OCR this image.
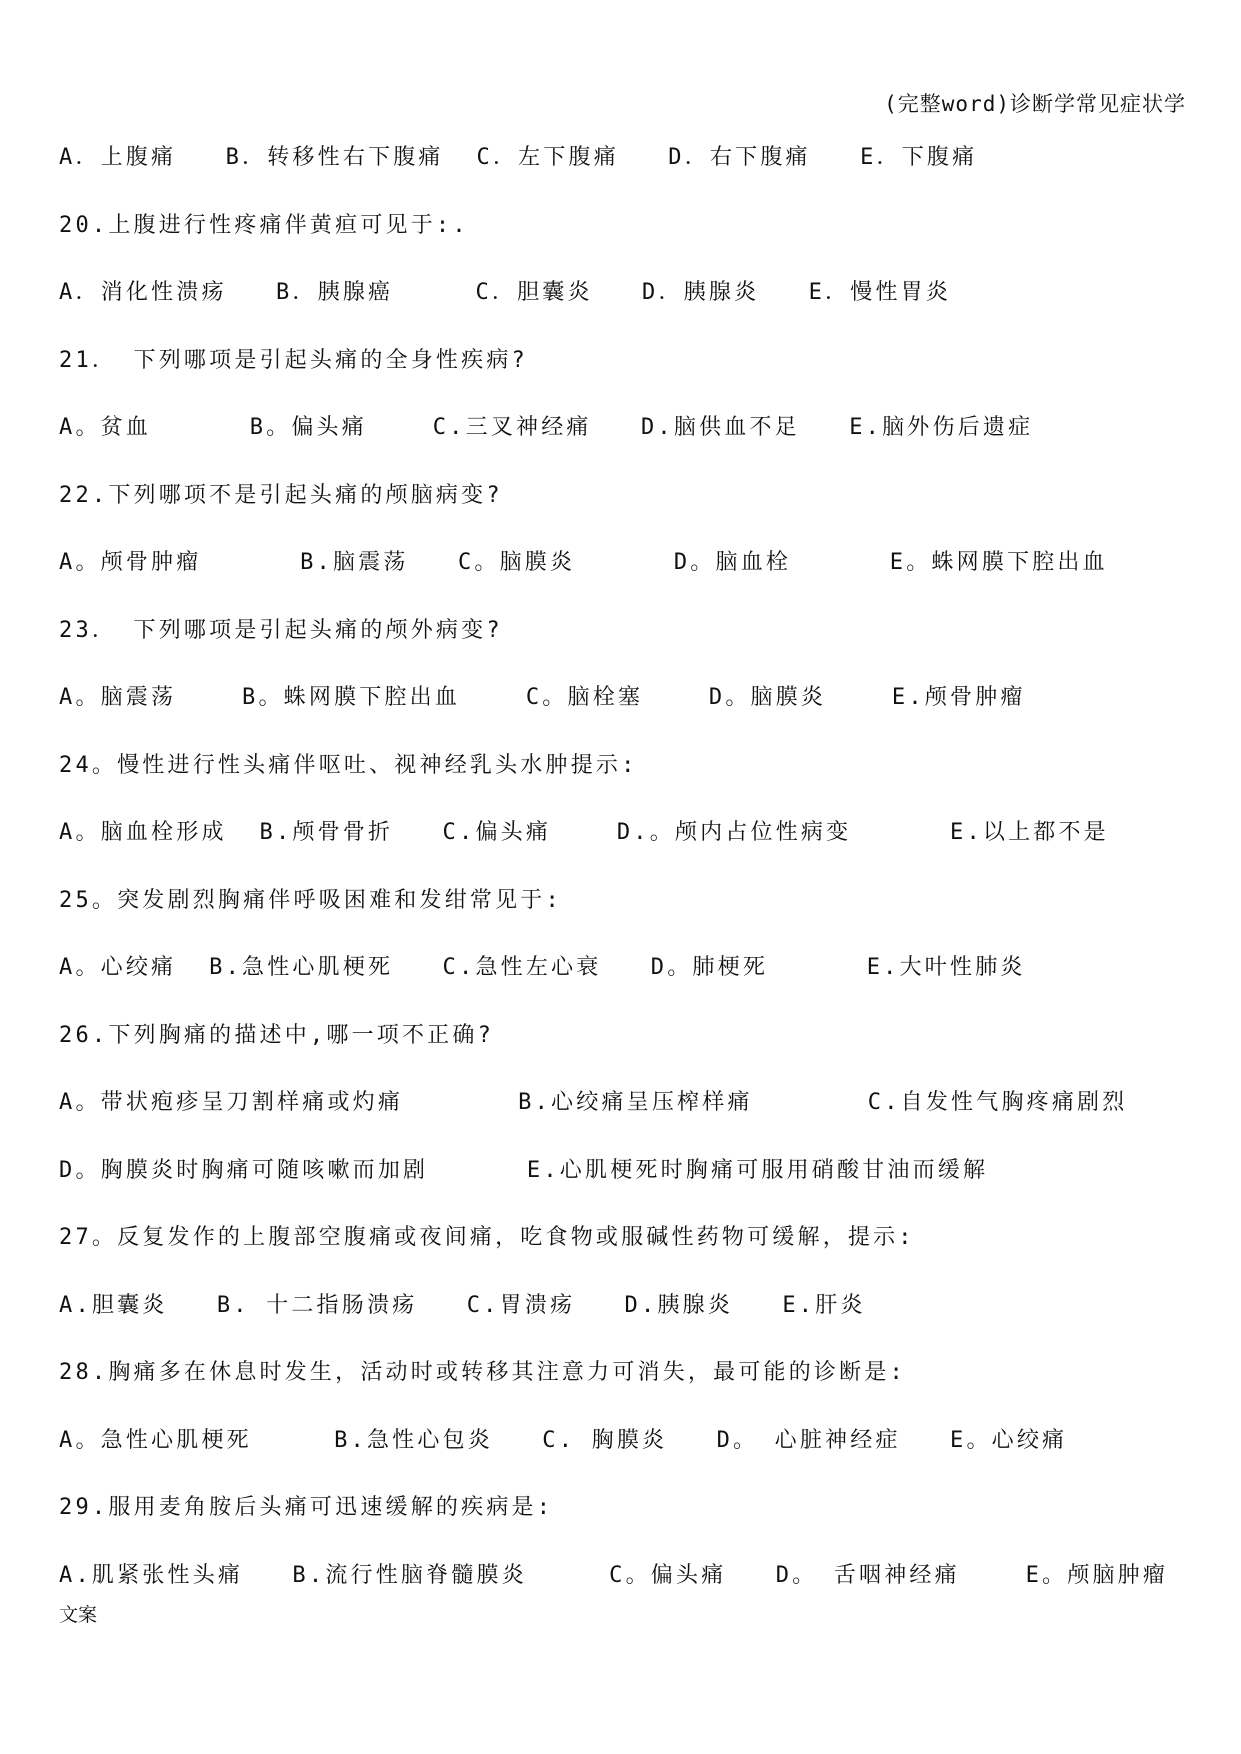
(完整word)诊断学常见症状学
A．上腹痛   B．转移性右下腹痛  C．左下腹痛   D．右下腹痛   E．下腹痛
20.上腹进行性疼痛伴黄疸可见于:.
A．消化性溃疡   B．胰腺癌     C．胆囊炎   D．胰腺炎   E．慢性胃炎
21． 下列哪项是引起头痛的全身性疾病?
A。贫血      B。偏头痛    C.三叉神经痛   D.脑供血不足   E.脑外伤后遗症
22.下列哪项不是引起头痛的颅脑病变?
A。颅骨肿瘤      B.脑震荡   C。脑膜炎      D。脑血栓      E。蛛网膜下腔出血
23． 下列哪项是引起头痛的颅外病变?
A。脑震荡    B。蛛网膜下腔出血    C。脑栓塞    D。脑膜炎    E.颅骨肿瘤
24。慢性进行性头痛伴呕吐、视神经乳头水肿提示:
A。脑血栓形成  B.颅骨骨折   C.偏头痛    D.。颅内占位性病变      E.以上都不是
25。突发剧烈胸痛伴呼吸困难和发绀常见于:
A。心绞痛  B.急性心肌梗死   C.急性左心衰   D。肺梗死      E.大叶性肺炎
26.下列胸痛的描述中,哪一项不正确?
A。带状疱疹呈刀割样痛或灼痛       B.心绞痛呈压榨样痛       C.自发性气胸疼痛剧烈
D。胸膜炎时胸痛可随咳嗽而加剧      E.心肌梗死时胸痛可服用硝酸甘油而缓解
27。反复发作的上腹部空腹痛或夜间痛，吃食物或服碱性药物可缓解，提示:
A.胆囊炎   B. 十二指肠溃疡   C.胃溃疡   D.胰腺炎   E.肝炎
28.胸痛多在休息时发生，活动时或转移其注意力可消失，最可能的诊断是:
A。急性心肌梗死     B.急性心包炎   C. 胸膜炎   D。 心脏神经症   E。心绞痛
29.服用麦角胺后头痛可迅速缓解的疾病是:
A.肌紧张性头痛   B.流行性脑脊髓膜炎     C。偏头痛   D。 舌咽神经痛    E。颅脑肿瘤
文案
